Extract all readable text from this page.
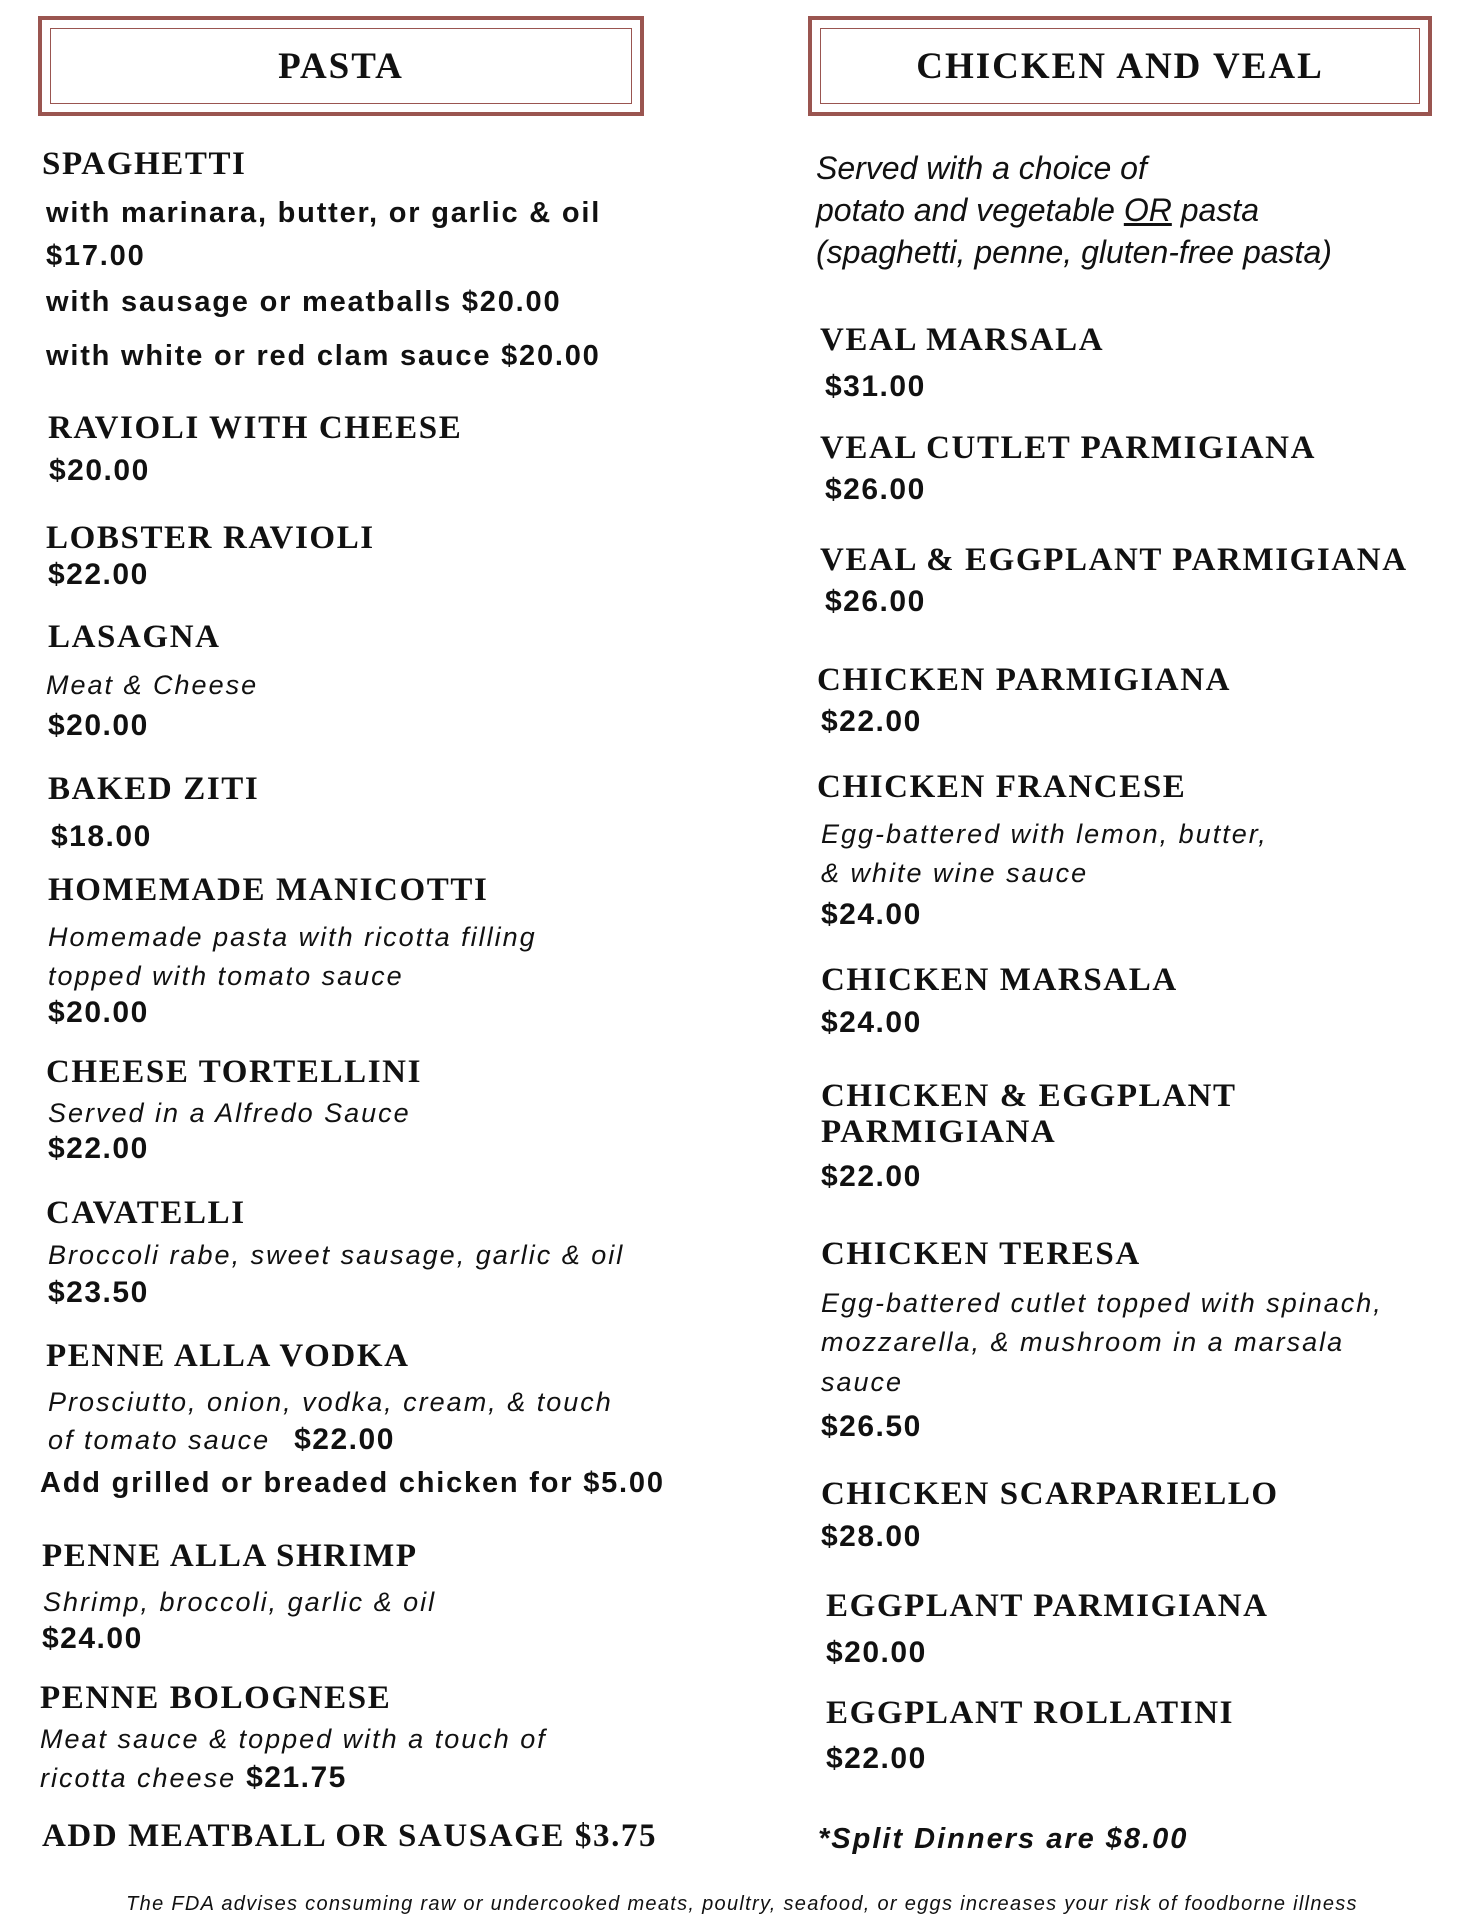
PASTA
SPAGHETTI
with marinara, butter, or garlic & oil
$17.00
with sausage or meatballs $20.00
with white or red clam sauce $20.00
RAVIOLI WITH CHEESE
$20.00
LOBSTER RAVIOLI
$22.00
LASAGNA
Meat & Cheese
$20.00
BAKED ZITI
$18.00
HOMEMADE MANICOTTI
Homemade pasta with ricotta filling
topped with tomato sauce
$20.00
CHEESE TORTELLINI
Served in a Alfredo Sauce
$22.00
CAVATELLI
Broccoli rabe, sweet sausage, garlic & oil
$23.50
PENNE ALLA VODKA
Prosciutto, onion, vodka, cream, & touch
of tomato sauce $22.00
Add grilled or breaded chicken for $5.00
PENNE ALLA SHRIMP
Shrimp, broccoli, garlic & oil
$24.00
PENNE BOLOGNESE
Meat sauce & topped with a touch of
ricotta cheese $21.75
ADD MEATBALL OR SAUSAGE $3.75
CHICKEN AND VEAL
Served with a choice of
potato and vegetable OR pasta
(spaghetti, penne, gluten-free pasta)
VEAL MARSALA
$31.00
VEAL CUTLET PARMIGIANA
$26.00
VEAL & EGGPLANT PARMIGIANA
$26.00
CHICKEN PARMIGIANA
$22.00
CHICKEN FRANCESE
Egg-battered with lemon, butter,
& white wine sauce
$24.00
CHICKEN MARSALA
$24.00
CHICKEN & EGGPLANT
PARMIGIANA
$22.00
CHICKEN TERESA
Egg-battered cutlet topped with spinach,
mozzarella, & mushroom in a marsala
sauce
$26.50
CHICKEN SCARPARIELLO
$28.00
EGGPLANT PARMIGIANA
$20.00
EGGPLANT ROLLATINI
$22.00
*Split Dinners are $8.00
The FDA advises consuming raw or undercooked meats, poultry, seafood, or eggs increases your risk of foodborne illness
